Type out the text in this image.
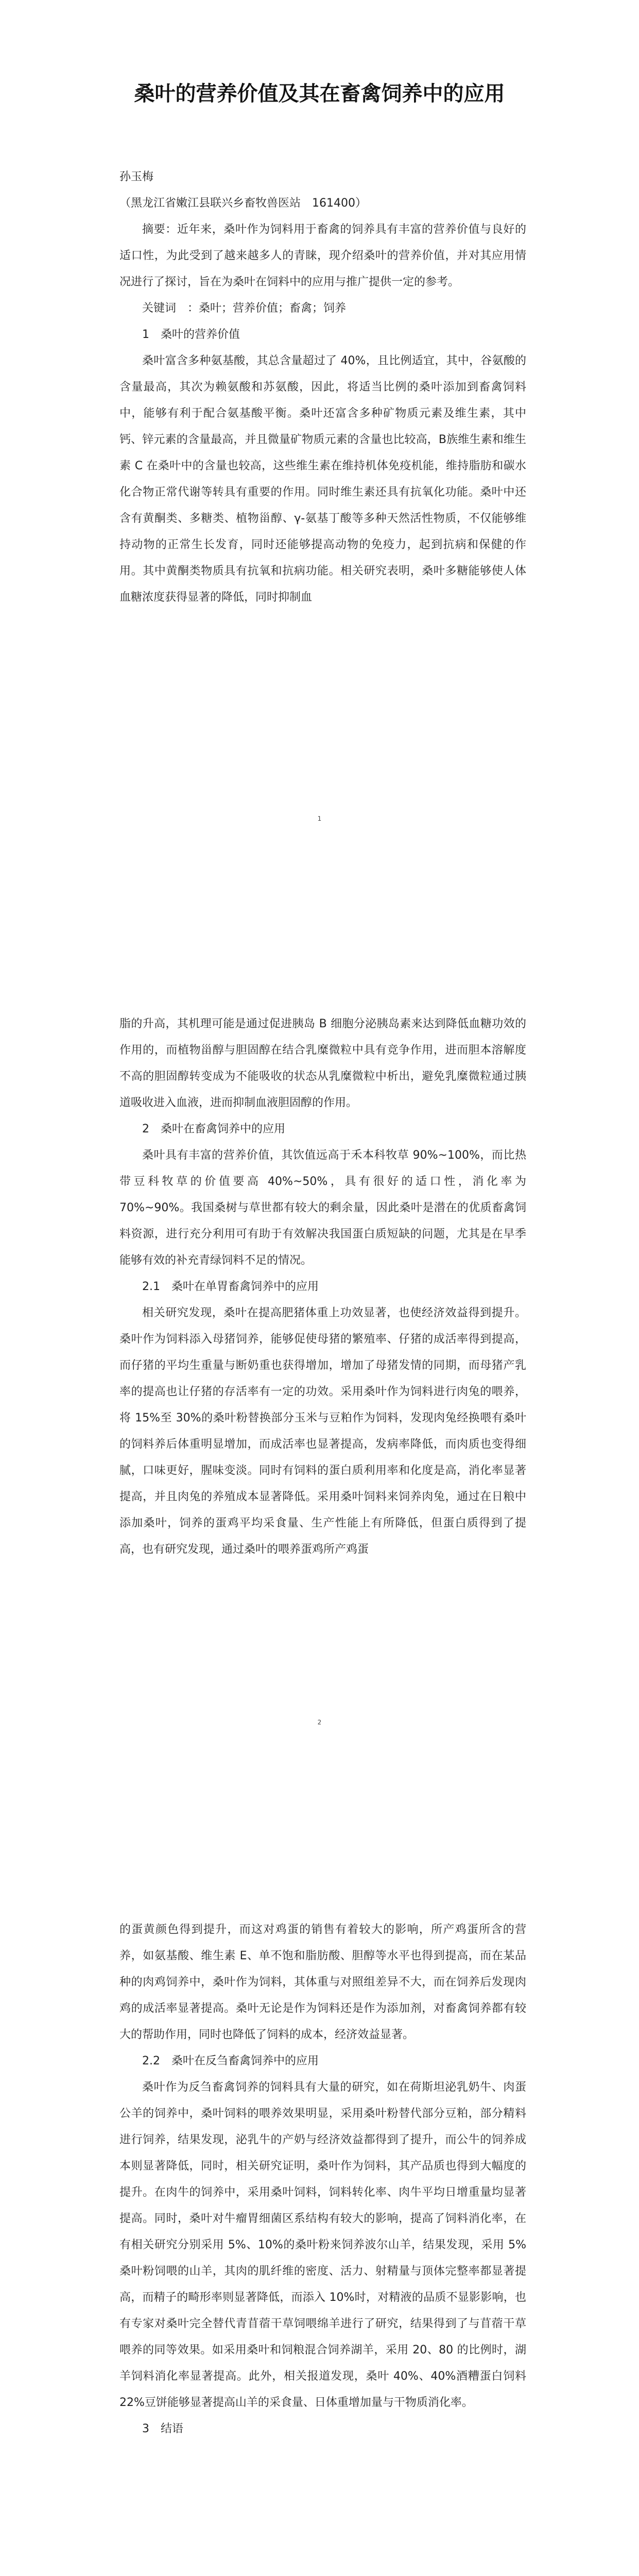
桑叶的营养价值及其在畜禽饲养中的应用

孙玉梅

（黑龙江省嫩江县联兴乡畜牧兽医站　161400）

摘要：近年来，桑叶作为饲料用于畜禽的饲养具有丰富的营养价值与良好的适口性，为此受到了越来越多人的青睐，现介绍桑叶的营养价值，并对其应用情况进行了探讨，旨在为桑叶在饲料中的应用与推广提供一定的参考。

关键词　：桑叶；营养价值；畜禽；饲养

1　桑叶的营养价值

桑叶富含多种氨基酸，其总含量超过了 40%，且比例适宜，其中，谷氨酸的含量最高，其次为赖氨酸和苏氨酸，因此，将适当比例的桑叶添加到畜禽饲料中，能够有利于配合氨基酸平衡。桑叶还富含多种矿物质元素及维生素，其中钙、锌元素的含量最高，并且微量矿物质元素的含量也比较高，B族维生素和维生素 C 在桑叶中的含量也较高，这些维生素在维持机体免疫机能，维持脂肪和碳水化合物正常代谢等转具有重要的作用。同时维生素还具有抗氧化功能。桑叶中还含有黄酮类、多糖类、植物甾醇、γ-氨基丁酸等多种天然活性物质，不仅能够维持动物的正常生长发育，同时还能够提高动物的免疫力，起到抗病和保健的作用。其中黄酮类物质具有抗氧和抗病功能。相关研究表明，桑叶多糖能够使人体血糖浓度获得显著的降低，同时抑制血

1

脂的升高，其机理可能是通过促进胰岛 B 细胞分泌胰岛素来达到降低血糖功效的作用的，而植物甾醇与胆固醇在结合乳糜微粒中具有竞争作用，进而胆本溶解度不高的胆固醇转变成为不能吸收的状态从乳糜微粒中析出，避免乳糜微粒通过胰道吸收进入血液，进而抑制血液胆固醇的作用。

2　桑叶在畜禽饲养中的应用

桑叶具有丰富的营养价值，其饮值远高于禾本科牧草 90%~100%，而比热带豆科牧草的价值要高 40%~50%，具有很好的适口性，消化率为 70%~90%。我国桑树与草世都有较大的剩余量，因此桑叶是潜在的优质畜禽饲料资源，进行充分利用可有助于有效解决我国蛋白质短缺的问题，尤其是在早季能够有效的补充青绿饲料不足的情况。

2.1　桑叶在单胃畜禽饲养中的应用

相关研究发现，桑叶在提高肥猪体重上功效显著，也使经济效益得到提升。桑叶作为饲料添入母猪饲养，能够促使母猪的繁殖率、仔猪的成活率得到提高，而仔猪的平均生重量与断奶重也获得增加，增加了母猪发情的同期，而母猪产乳率的提高也让仔猪的存活率有一定的功效。采用桑叶作为饲料进行肉兔的喂养，将 15%至 30%的桑叶粉替换部分玉米与豆粕作为饲料，发现肉兔经换喂有桑叶的饲料养后体重明显增加，而成活率也显著提高，发病率降低，而肉质也变得细腻，口味更好，腥味变淡。同时有饲料的蛋白质利用率和化度是高，消化率显著提高，并且肉兔的养殖成本显著降低。采用桑叶饲料来饲养肉兔，通过在日粮中添加桑叶，饲养的蛋鸡平均采食量、生产性能上有所降低，但蛋白质得到了提高，也有研究发现，通过桑叶的喂养蛋鸡所产鸡蛋

2

的蛋黄颜色得到提升，而这对鸡蛋的销售有着较大的影响，所产鸡蛋所含的营养，如氨基酸、维生素 E、单不饱和脂肪酸、胆醇等水平也得到提高，而在某品种的肉鸡饲养中，桑叶作为饲料，其体重与对照组差异不大，而在饲养后发现肉鸡的成活率显著提高。桑叶无论是作为饲料还是作为添加剂，对畜禽饲养都有较大的帮助作用，同时也降低了饲料的成本，经济效益显著。

2.2　桑叶在反刍畜禽饲养中的应用

桑叶作为反刍畜禽饲养的饲料具有大量的研究，如在荷斯坦泌乳奶牛、肉蛋公羊的饲养中，桑叶饲料的喂养效果明显，采用桑叶粉替代部分豆粕，部分精料进行饲养，结果发现，泌乳牛的产奶与经济效益都得到了提升，而公牛的饲养成本则显著降低，同时，相关研究证明，桑叶作为饲料，其产品质也得到大幅度的提升。在肉牛的饲养中，采用桑叶饲料，饲料转化率、肉牛平均日增重量均显著提高。同时，桑叶对牛瘤胃细菌区系结构有较大的影响，提高了饲料消化率，在有相关研究分别采用 5%、10%的桑叶粉来饲养波尔山羊，结果发现，采用 5%桑叶粉饲喂的山羊，其肉的肌纤维的密度、活力、射精量与顶体完整率都显著提高，而精子的畸形率则显著降低，而添入 10%时，对精液的品质不显影影响，也有专家对桑叶完全替代青苜蓿干草饲喂绵羊进行了研究，结果得到了与苜蓿干草喂养的同等效果。如采用桑叶和饲粮混合饲养湖羊，采用 20、80 的比例时，湖羊饲料消化率显著提高。此外，相关报道发现，桑叶 40%、40%酒糟蛋白饲料 22%豆饼能够显著提高山羊的采食量、日体重增加量与干物质消化率。

3　结语
